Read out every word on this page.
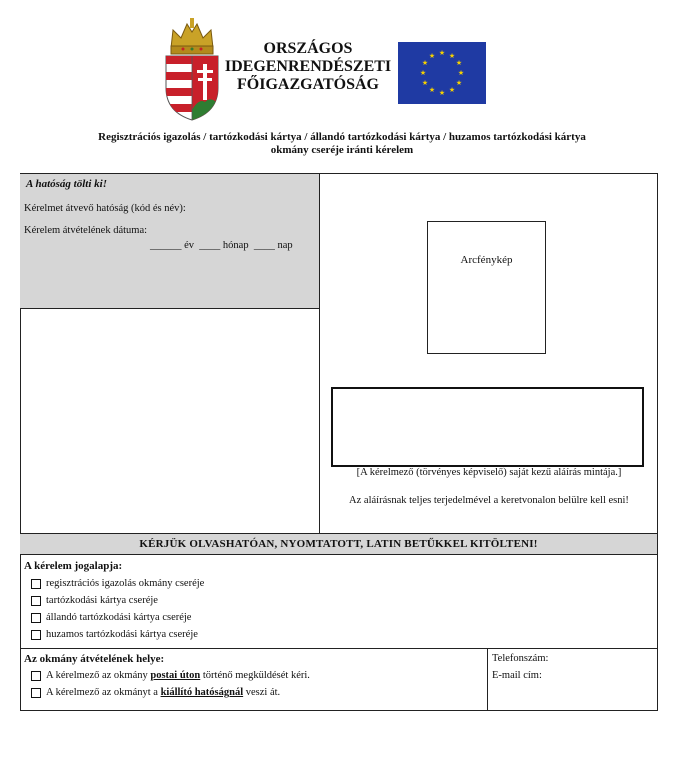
ORSZÁGOS
IDEGENRENDÉSZETI
FŐIGAZGATÓSÁG
★ ★
★
★
★
★
★
★
★
★
★
★
Regisztrációs igazolás / tartózkodási kártya / állandó tartózkodási kártya / huzamos tartózkodási kártya
okmány cseréje iránti kérelem
A hatóság tölti ki!
Kérelmet átvevő hatóság (kód és név):
Kérelem átvételének dátuma:
______ év  ____ hónap  ____ nap
Arcfénykép
[A kérelmező (törvényes képviselő) saját kezű aláírás mintája.]
Az aláírásnak teljes terjedelmével a keretvonalon belülre kell esni!
KÉRJÜK OLVASHATÓAN, NYOMTATOTT, LATIN BETŰKKEL KITÖLTENI!
A kérelem jogalapja:
regisztrációs igazolás okmány cseréje
tartózkodási kártya cseréje
állandó tartózkodási kártya cseréje
huzamos tartózkodási kártya cseréje
Az okmány átvételének helye:
A kérelmező az okmány postai úton történő megküldését kéri.
A kérelmező az okmányt a kiállító hatóságnál veszi át.
Telefonszám:
E-mail cím:
